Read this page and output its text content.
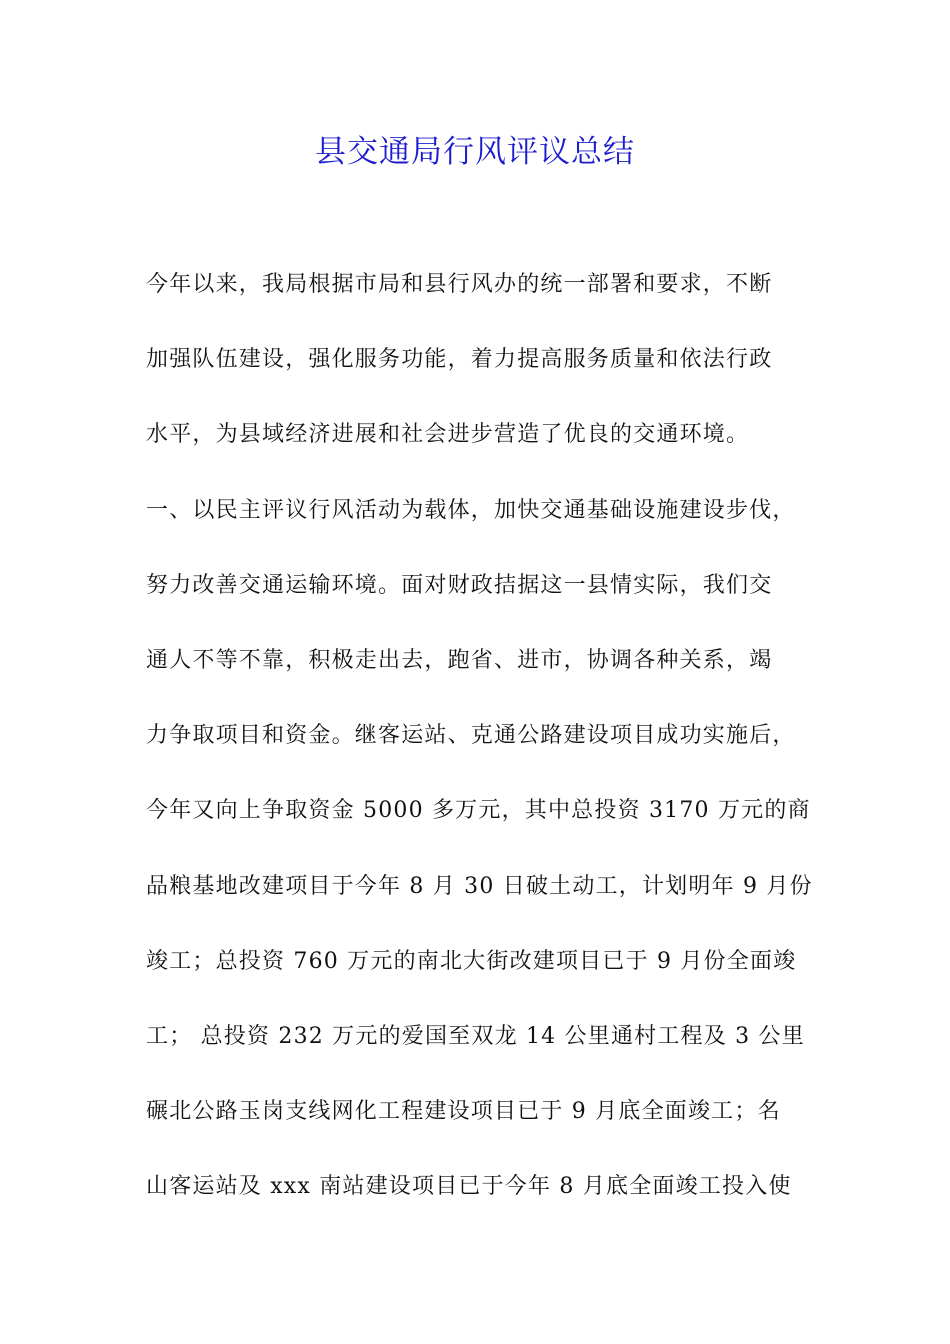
县交通局行风评议总结
今年以来，我局根据市局和县行风办的统一部署和要求，不断
加强队伍建设，强化服务功能，着力提高服务质量和依法行政
水平，为县域经济进展和社会进步营造了优良的交通环境。
一、以民主评议行风活动为载体，加快交通基础设施建设步伐，
努力改善交通运输环境。面对财政拮据这一县情实际，我们交
通人不等不靠，积极走出去，跑省、进市，协调各种关系，竭
力争取项目和资金。继客运站、克通公路建设项目成功实施后，
今年又向上争取资金 5000 多万元，其中总投资 3170 万元的商
品粮基地改建项目于今年 8 月 30 日破土动工，计划明年 9 月份
竣工；总投资 760 万元的南北大街改建项目已于 9 月份全面竣
工； 总投资 232 万元的爱国至双龙 14 公里通村工程及 3 公里
碾北公路玉岗支线网化工程建设项目已于 9 月底全面竣工；名
山客运站及 xxx 南站建设项目已于今年 8 月底全面竣工投入使
